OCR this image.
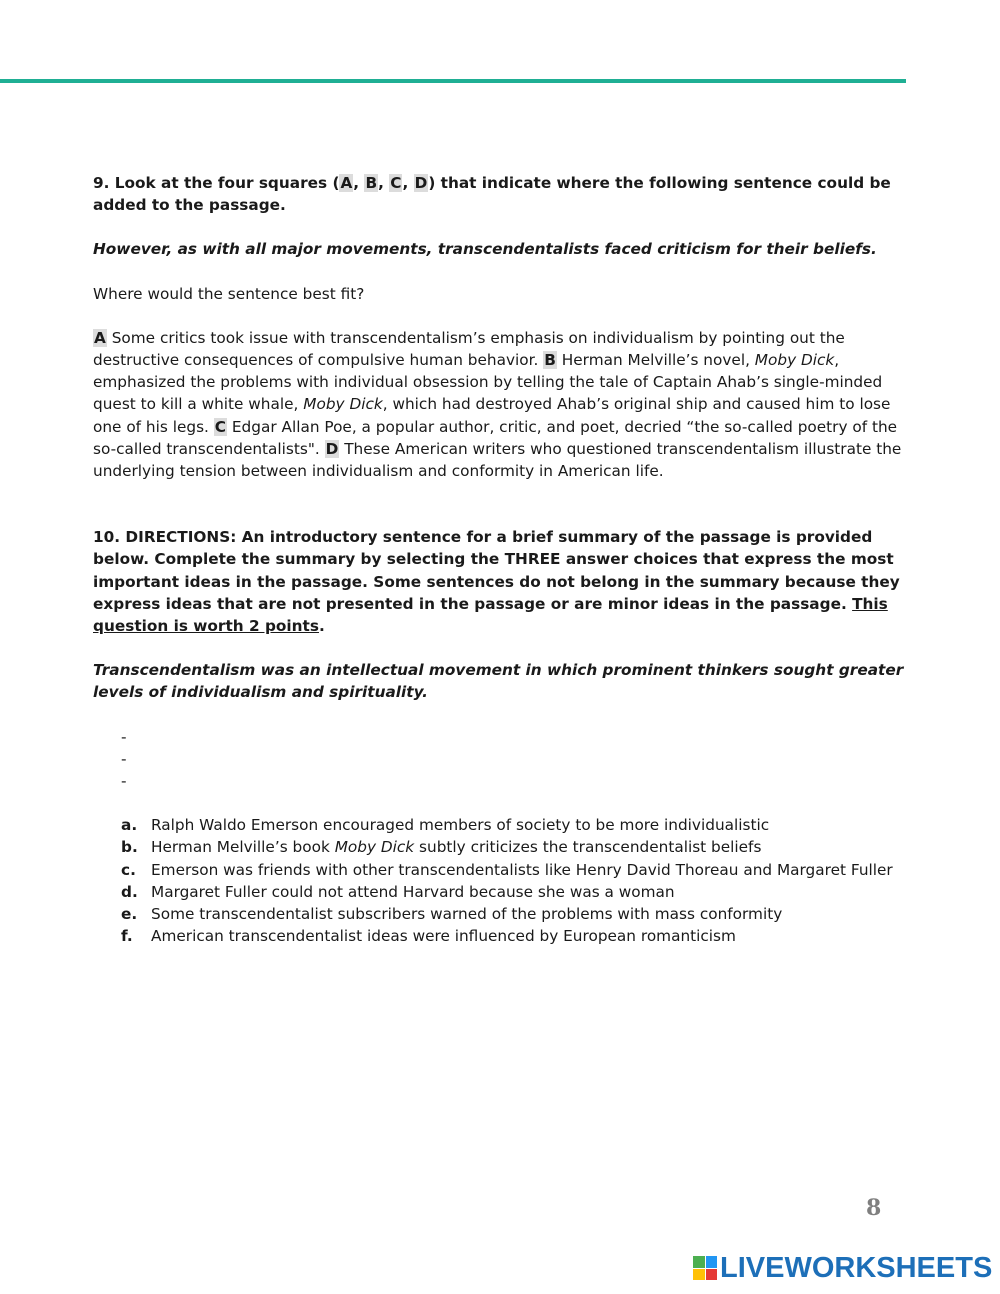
9. Look at the four squares (A, B, C, D) that indicate where the following sentence could be added to the passage.

However, as with all major movements, transcendentalists faced criticism for their beliefs.

Where would the sentence best fit?

A Some critics took issue with transcendentalism’s emphasis on individualism by pointing out the destructive consequences of compulsive human behavior. B Herman Melville’s novel, Moby Dick, emphasized the problems with individual obsession by telling the tale of Captain Ahab’s single-minded quest to kill a white whale, Moby Dick, which had destroyed Ahab’s original ship and caused him to lose one of his legs. C Edgar Allan Poe, a popular author, critic, and poet, decried “the so-called poetry of the so-called transcendentalists". D These American writers who questioned transcendentalism illustrate the underlying tension between individualism and conformity in American life.

10. DIRECTIONS: An introductory sentence for a brief summary of the passage is provided below. Complete the summary by selecting the THREE answer choices that express the most important ideas in the passage. Some sentences do not belong in the summary because they express ideas that are not presented in the passage or are minor ideas in the passage. This question is worth 2 points.

Transcendentalism was an intellectual movement in which prominent thinkers sought greater levels of individualism and spirituality.

-
-
-
a. Ralph Waldo Emerson encouraged members of society to be more individualistic
b. Herman Melville’s book Moby Dick subtly criticizes the transcendentalist beliefs
c. Emerson was friends with other transcendentalists like Henry David Thoreau and Margaret Fuller
d. Margaret Fuller could not attend Harvard because she was a woman
e. Some transcendentalist subscribers warned of the problems with mass conformity
f.	American transcendentalist ideas were influenced by European romanticism
8
LIVEWORKSHEETS
